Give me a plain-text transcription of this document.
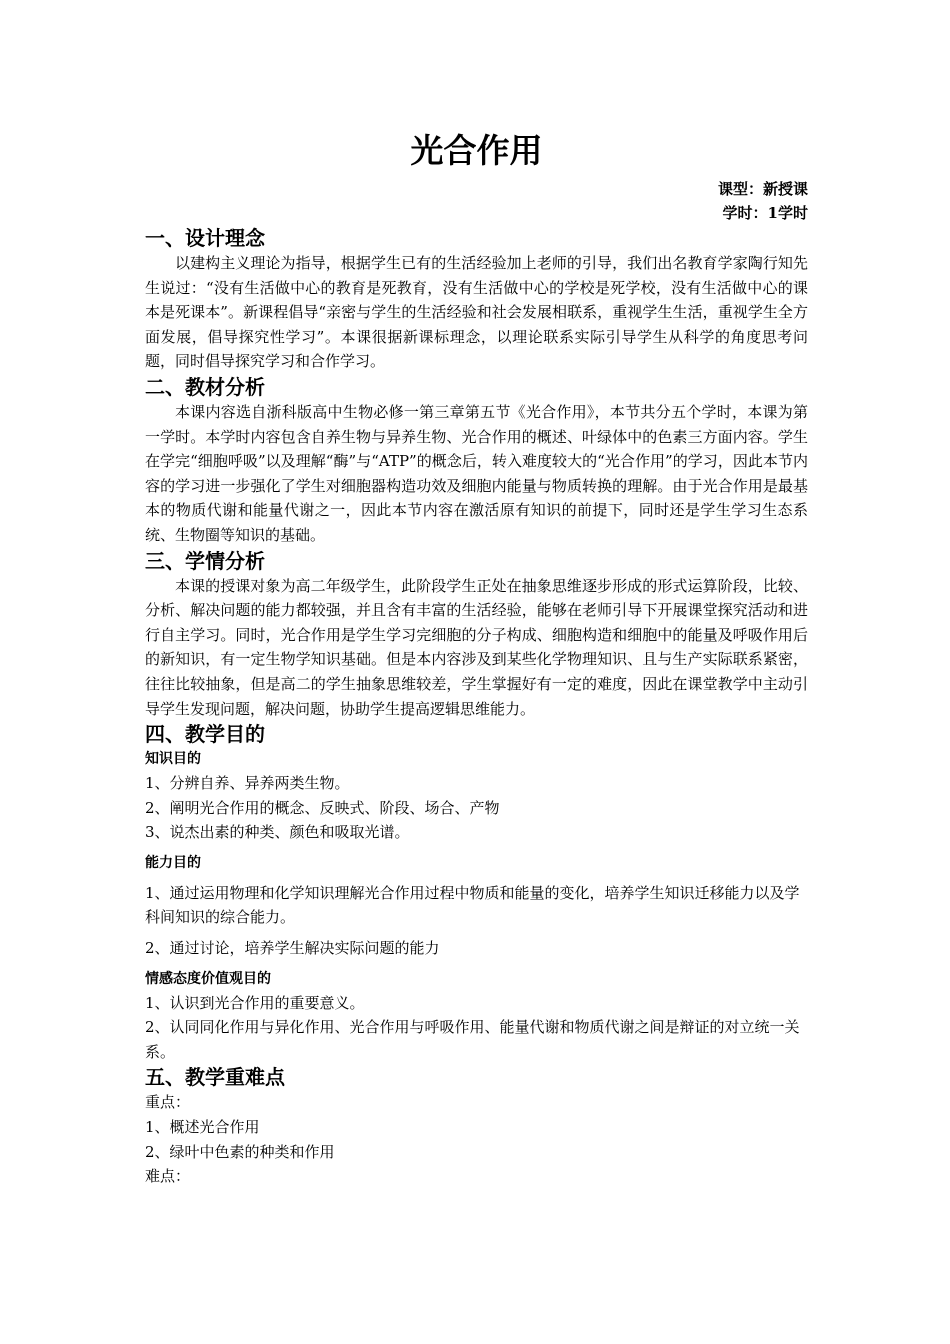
光合作用
课型：新授课
学时：1学时
一、设计理念

以建构主义理论为指导，根据学生已有的生活经验加上老师的引导，我们出名教育学家陶行知先生说过：“没有生活做中心的教育是死教育，没有生活做中心的学校是死学校，没有生活做中心的课本是死课本”。新课程倡导“亲密与学生的生活经验和社会发展相联系，重视学生生活，重视学生全方面发展，倡导探究性学习”。本课很据新课标理念，以理论联系实际引导学生从科学的角度思考问题，同时倡导探究学习和合作学习。

二、教材分析

本课内容选自浙科版高中生物必修一第三章第五节《光合作用》，本节共分五个学时，本课为第一学时。本学时内容包含自养生物与异养生物、光合作用的概述、叶绿体中的色素三方面内容。学生在学完“细胞呼吸”以及理解“酶”与“ATP”的概念后，转入难度较大的“光合作用”的学习，因此本节内容的学习进一步强化了学生对细胞器构造功效及细胞内能量与物质转换的理解。由于光合作用是最基本的物质代谢和能量代谢之一，因此本节内容在激活原有知识的前提下，同时还是学生学习生态系统、生物圈等知识的基础。

三、学情分析

本课的授课对象为高二年级学生，此阶段学生正处在抽象思维逐步形成的形式运算阶段，比较、分析、解决问题的能力都较强，并且含有丰富的生活经验，能够在老师引导下开展课堂探究活动和进行自主学习。同时，光合作用是学生学习完细胞的分子构成、细胞构造和细胞中的能量及呼吸作用后的新知识，有一定生物学知识基础。但是本内容涉及到某些化学物理知识、且与生产实际联系紧密，往往比较抽象，但是高二的学生抽象思维较差，学生掌握好有一定的难度，因此在课堂教学中主动引导学生发现问题，解决问题，协助学生提高逻辑思维能力。

四、教学目的
知识目的

1、分辨自养、异养两类生物。

2、阐明光合作用的概念、反映式、阶段、场合、产物

3、说杰出素的种类、颜色和吸取光谱。

能力目的

1、通过运用物理和化学知识理解光合作用过程中物质和能量的变化，培养学生知识迁移能力以及学科间知识的综合能力。

2、通过讨论，培养学生解决实际问题的能力

情感态度价值观目的

1、认识到光合作用的重要意义。

2、认同同化作用与异化作用、光合作用与呼吸作用、能量代谢和物质代谢之间是辩证的对立统一关系。

五、教学重难点

重点：

1、概述光合作用

2、绿叶中色素的种类和作用

难点：
